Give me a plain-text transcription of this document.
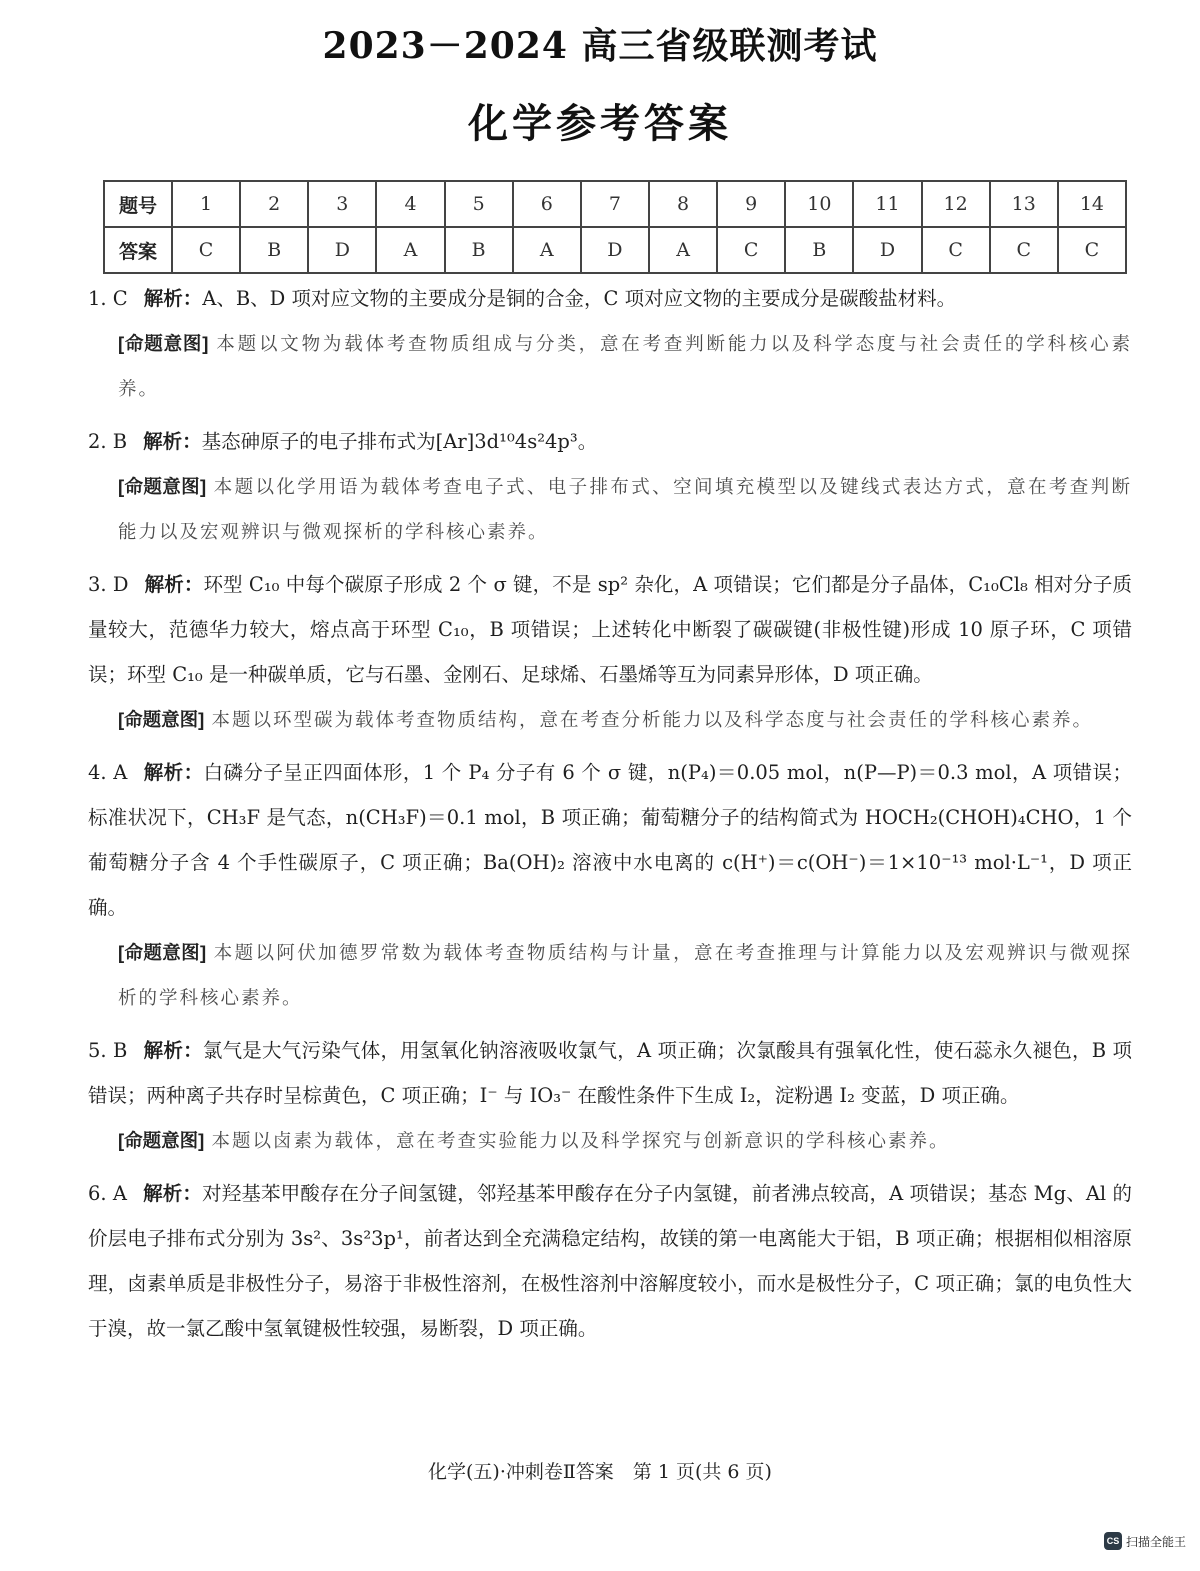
2023－2024 高三省级联测考试
化学参考答案
题号	1	2	3	4	5	6	7	8	9	10	11	12	13	14
答案	C	B	D	A	B	A	D	A	C	B	D	C	C	C

1. C 解析：A、B、D 项对应文物的主要成分是铜的合金，C 项对应文物的主要成分是碳酸盐材料。

[命题意图] 本题以文物为载体考查物质组成与分类，意在考查判断能力以及科学态度与社会责任的学科核心素养。

2. B 解析：基态砷原子的电子排布式为[Ar]3d¹⁰4s²4p³。

[命题意图] 本题以化学用语为载体考查电子式、电子排布式、空间填充模型以及键线式表达方式，意在考查判断能力以及宏观辨识与微观探析的学科核心素养。

3. D 解析：环型 C₁₀ 中每个碳原子形成 2 个 σ 键，不是 sp² 杂化，A 项错误；它们都是分子晶体，C₁₀Cl₈ 相对分子质量较大，范德华力较大，熔点高于环型 C₁₀，B 项错误；上述转化中断裂了碳碳键(非极性键)形成 10 原子环，C 项错误；环型 C₁₀ 是一种碳单质，它与石墨、金刚石、足球烯、石墨烯等互为同素异形体，D 项正确。

[命题意图] 本题以环型碳为载体考查物质结构，意在考查分析能力以及科学态度与社会责任的学科核心素养。

4. A 解析：白磷分子呈正四面体形，1 个 P₄ 分子有 6 个 σ 键，n(P₄)＝0.05 mol，n(P—P)＝0.3 mol，A 项错误；标准状况下，CH₃F 是气态，n(CH₃F)＝0.1 mol，B 项正确；葡萄糖分子的结构简式为 HOCH₂(CHOH)₄CHO，1 个葡萄糖分子含 4 个手性碳原子，C 项正确；Ba(OH)₂ 溶液中水电离的 c(H⁺)＝c(OH⁻)＝1×10⁻¹³ mol·L⁻¹，D 项正确。

[命题意图] 本题以阿伏加德罗常数为载体考查物质结构与计量，意在考查推理与计算能力以及宏观辨识与微观探析的学科核心素养。

5. B 解析：氯气是大气污染气体，用氢氧化钠溶液吸收氯气，A 项正确；次氯酸具有强氧化性，使石蕊永久褪色，B 项错误；两种离子共存时呈棕黄色，C 项正确；I⁻ 与 IO₃⁻ 在酸性条件下生成 I₂，淀粉遇 I₂ 变蓝，D 项正确。

[命题意图] 本题以卤素为载体，意在考查实验能力以及科学探究与创新意识的学科核心素养。

6. A 解析：对羟基苯甲酸存在分子间氢键，邻羟基苯甲酸存在分子内氢键，前者沸点较高，A 项错误；基态 Mg、Al 的价层电子排布式分别为 3s²、3s²3p¹，前者达到全充满稳定结构，故镁的第一电离能大于铝，B 项正确；根据相似相溶原理，卤素单质是非极性分子，易溶于非极性溶剂，在极性溶剂中溶解度较小，而水是极性分子，C 项正确；氯的电负性大于溴，故一氯乙酸中氢氧键极性较强，易断裂，D 项正确。

化学(五)·冲刺卷Ⅱ答案　第 1 页(共 6 页)
CS 扫描全能王
